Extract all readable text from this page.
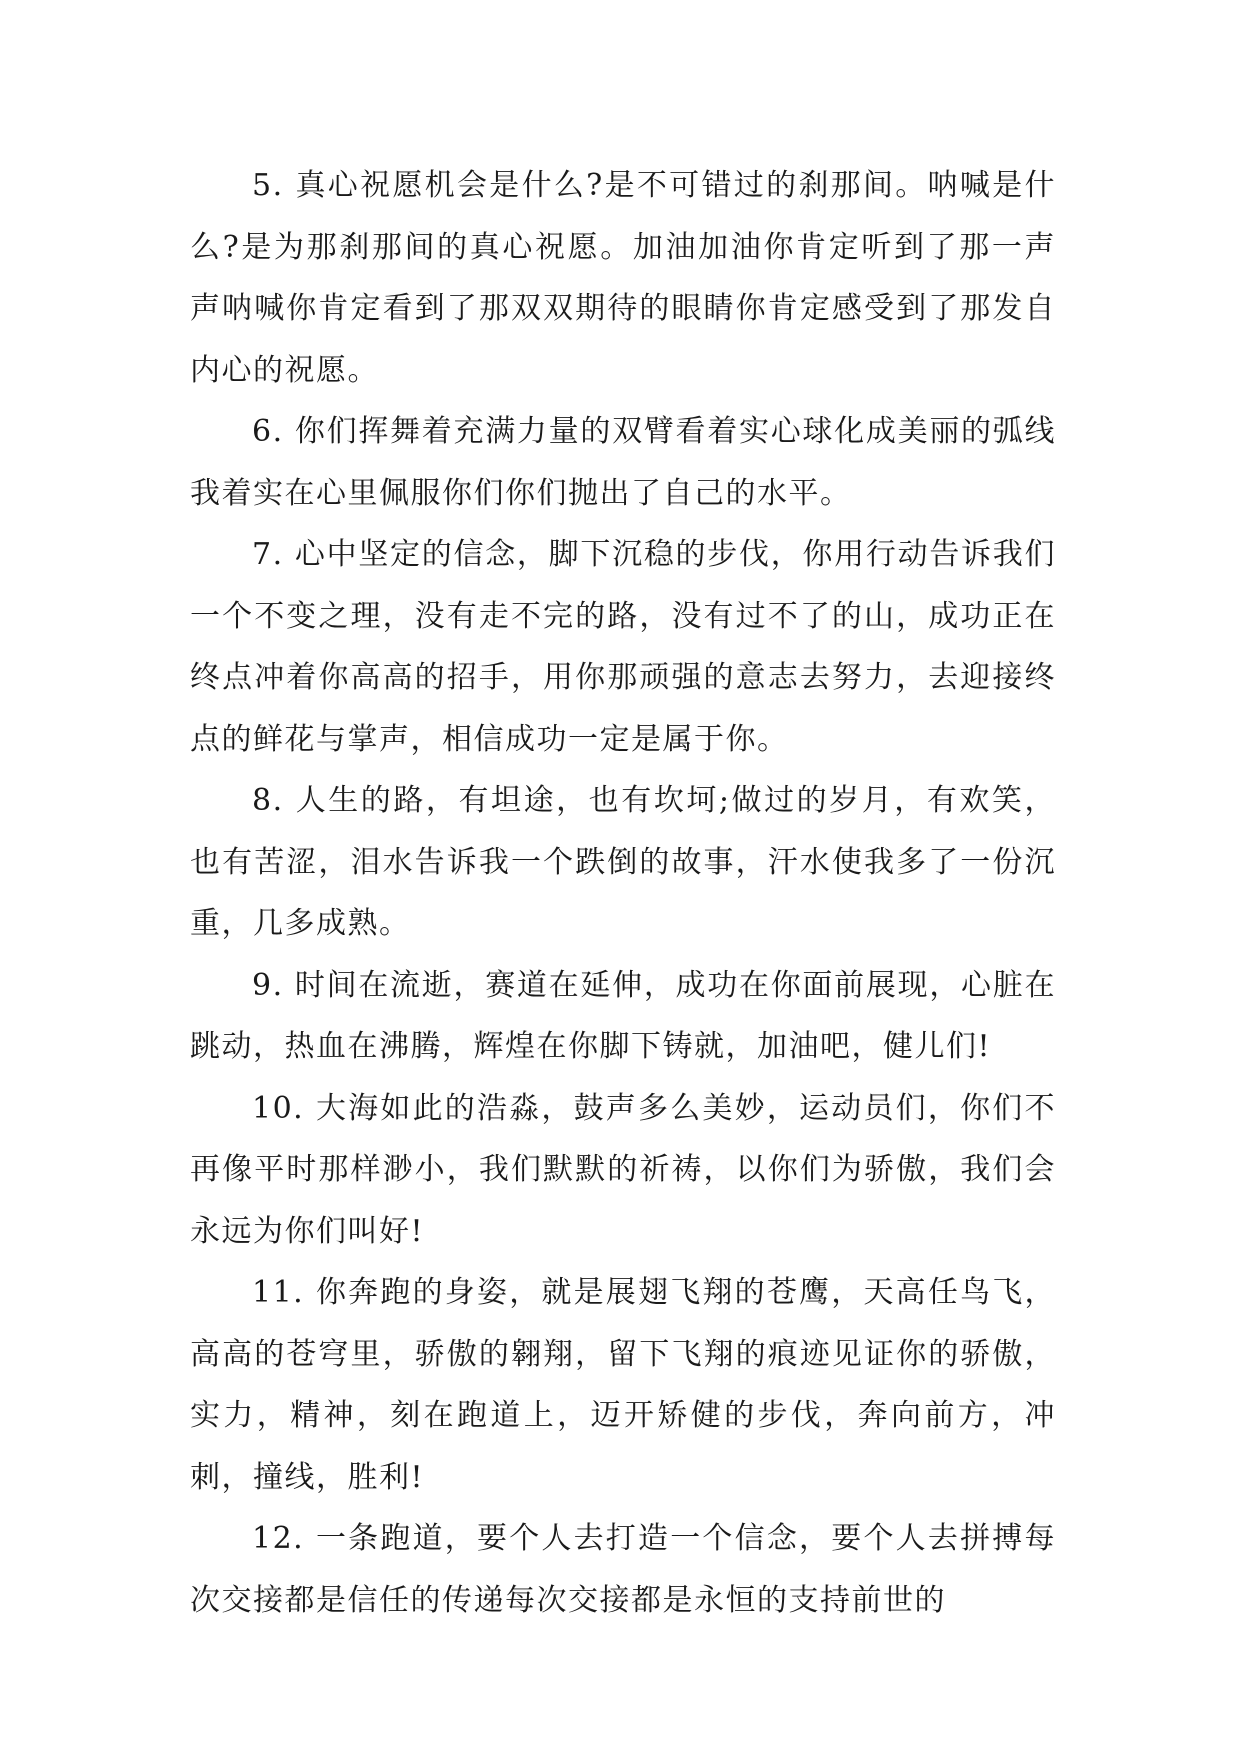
5. 真心祝愿机会是什么?是不可错过的刹那间。呐喊是什么?是为那刹那间的真心祝愿。加油加油你肯定听到了那一声声呐喊你肯定看到了那双双期待的眼睛你肯定感受到了那发自内心的祝愿。

6. 你们挥舞着充满力量的双臂看着实心球化成美丽的弧线我着实在心里佩服你们你们抛出了自己的水平。

7. 心中坚定的信念，脚下沉稳的步伐，你用行动告诉我们一个不变之理，没有走不完的路，没有过不了的山，成功正在终点冲着你高高的招手，用你那顽强的意志去努力，去迎接终点的鲜花与掌声，相信成功一定是属于你。

8. 人生的路，有坦途，也有坎坷;做过的岁月，有欢笑，也有苦涩，泪水告诉我一个跌倒的故事，汗水使我多了一份沉重，几多成熟。

9. 时间在流逝，赛道在延伸，成功在你面前展现，心脏在跳动，热血在沸腾，辉煌在你脚下铸就，加油吧，健儿们!

10. 大海如此的浩淼，鼓声多么美妙，运动员们，你们不再像平时那样渺小，我们默默的祈祷，以你们为骄傲，我们会永远为你们叫好!

11. 你奔跑的身姿，就是展翅飞翔的苍鹰，天高任鸟飞，高高的苍穹里，骄傲的翱翔，留下飞翔的痕迹见证你的骄傲，实力，精神，刻在跑道上，迈开矫健的步伐，奔向前方，冲刺，撞线，胜利!

12. 一条跑道，要个人去打造一个信念，要个人去拼搏每次交接都是信任的传递每次交接都是永恒的支持前世的
